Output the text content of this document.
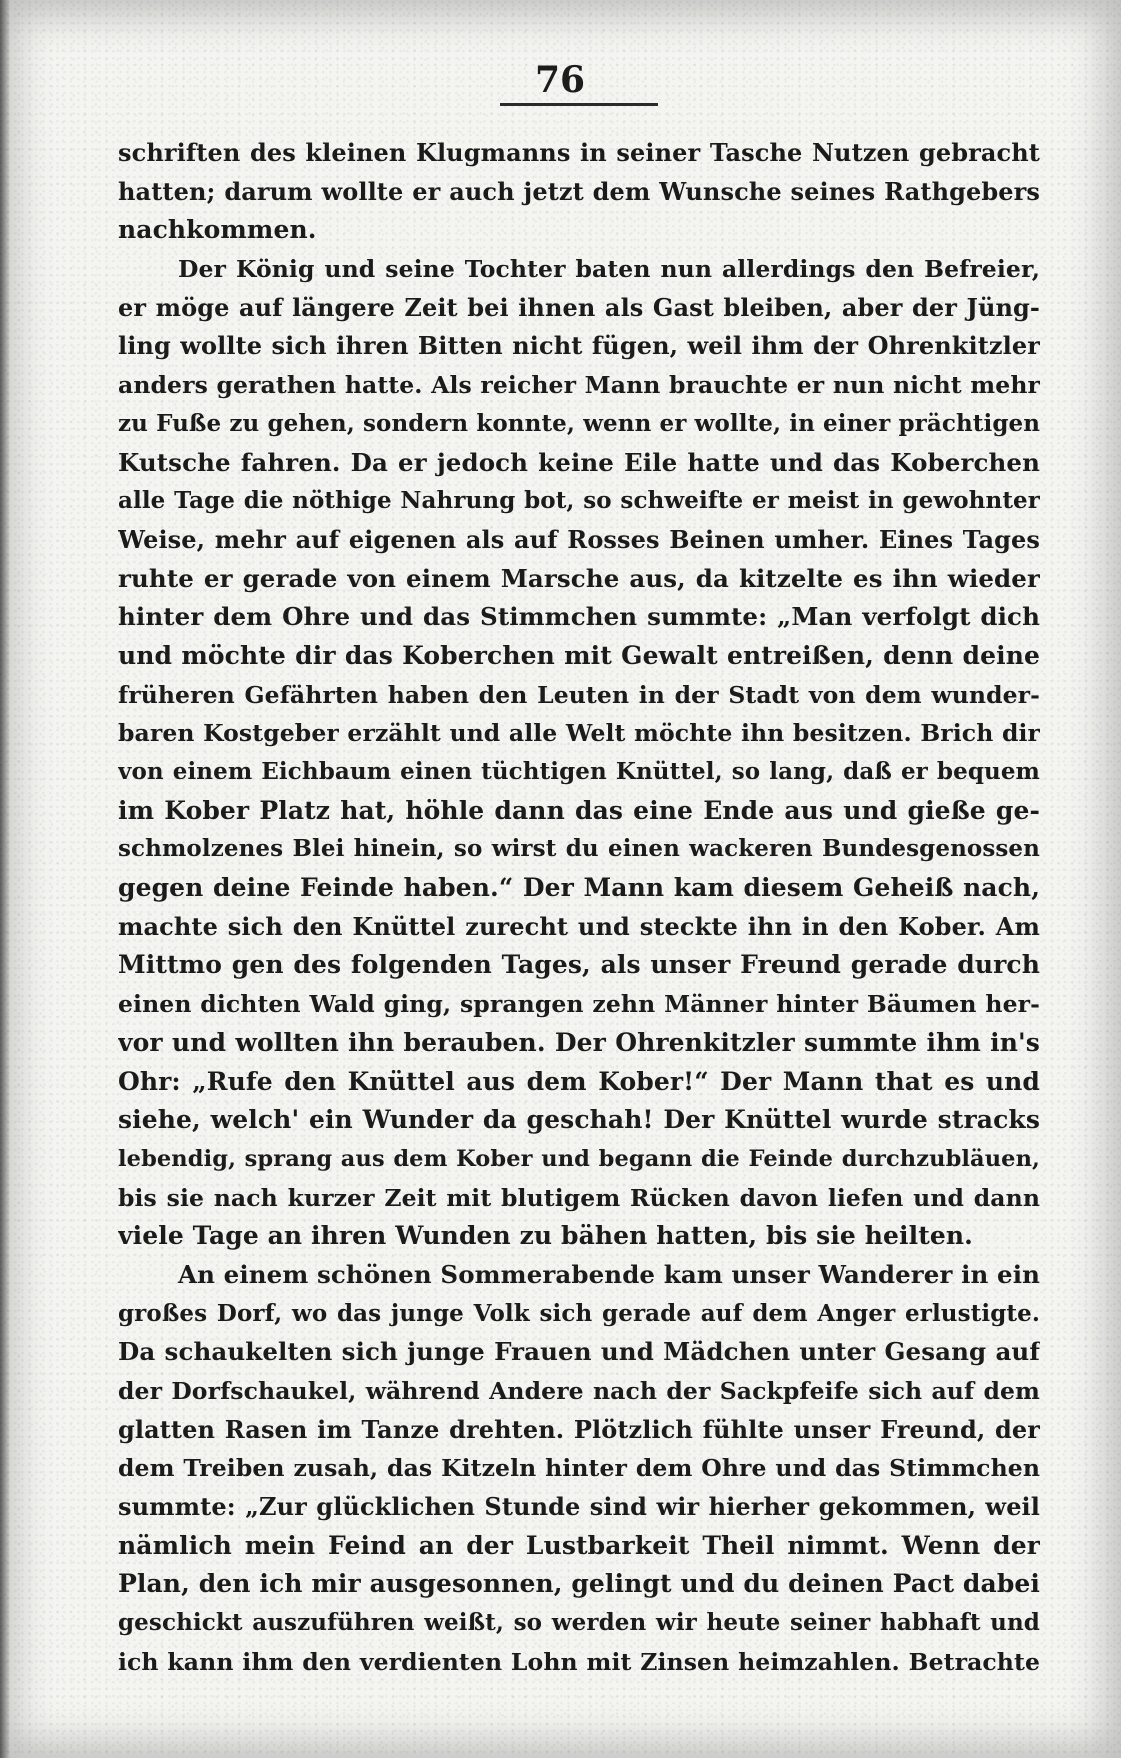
76
schriften des kleinen Klugmanns in seiner Tasche Nutzen gebracht
hatten; darum wollte er auch jetzt dem Wunsche seines Rathgebers
nachkommen.
Der König und seine Tochter baten nun allerdings den Befreier,
er möge auf längere Zeit bei ihnen als Gast bleiben, aber der Jüng-
ling wollte sich ihren Bitten nicht fügen, weil ihm der Ohrenkitzler
anders gerathen hatte. Als reicher Mann brauchte er nun nicht mehr
zu Fuße zu gehen, sondern konnte, wenn er wollte, in einer prächtigen
Kutsche fahren. Da er jedoch keine Eile hatte und das Koberchen
alle Tage die nöthige Nahrung bot, so schweifte er meist in gewohnter
Weise, mehr auf eigenen als auf Rosses Beinen umher. Eines Tages
ruhte er gerade von einem Marsche aus, da kitzelte es ihn wieder
hinter dem Ohre und das Stimmchen summte: „Man verfolgt dich
und möchte dir das Koberchen mit Gewalt entreißen, denn deine
früheren Gefährten haben den Leuten in der Stadt von dem wunder-
baren Kostgeber erzählt und alle Welt möchte ihn besitzen. Brich dir
von einem Eichbaum einen tüchtigen Knüttel, so lang, daß er bequem
im Kober Platz hat, höhle dann das eine Ende aus und gieße ge-
schmolzenes Blei hinein, so wirst du einen wackeren Bundesgenossen
gegen deine Feinde haben.“ Der Mann kam diesem Geheiß nach,
machte sich den Knüttel zurecht und steckte ihn in den Kober. Am
Mittmo gen des folgenden Tages, als unser Freund gerade durch
einen dichten Wald ging, sprangen zehn Männer hinter Bäumen her-
vor und wollten ihn berauben. Der Ohrenkitzler summte ihm in's
Ohr: „Rufe den Knüttel aus dem Kober!“ Der Mann that es und
siehe, welch' ein Wunder da geschah! Der Knüttel wurde stracks
lebendig, sprang aus dem Kober und begann die Feinde durchzubläuen,
bis sie nach kurzer Zeit mit blutigem Rücken davon liefen und dann
viele Tage an ihren Wunden zu bähen hatten, bis sie heilten.
An einem schönen Sommerabende kam unser Wanderer in ein
großes Dorf, wo das junge Volk sich gerade auf dem Anger erlustigte.
Da schaukelten sich junge Frauen und Mädchen unter Gesang auf
der Dorfschaukel, während Andere nach der Sackpfeife sich auf dem
glatten Rasen im Tanze drehten. Plötzlich fühlte unser Freund, der
dem Treiben zusah, das Kitzeln hinter dem Ohre und das Stimmchen
summte: „Zur glücklichen Stunde sind wir hierher gekommen, weil
nämlich mein Feind an der Lustbarkeit Theil nimmt. Wenn der
Plan, den ich mir ausgesonnen, gelingt und du deinen Pact dabei
geschickt auszuführen weißt, so werden wir heute seiner habhaft und
ich kann ihm den verdienten Lohn mit Zinsen heimzahlen. Betrachte
